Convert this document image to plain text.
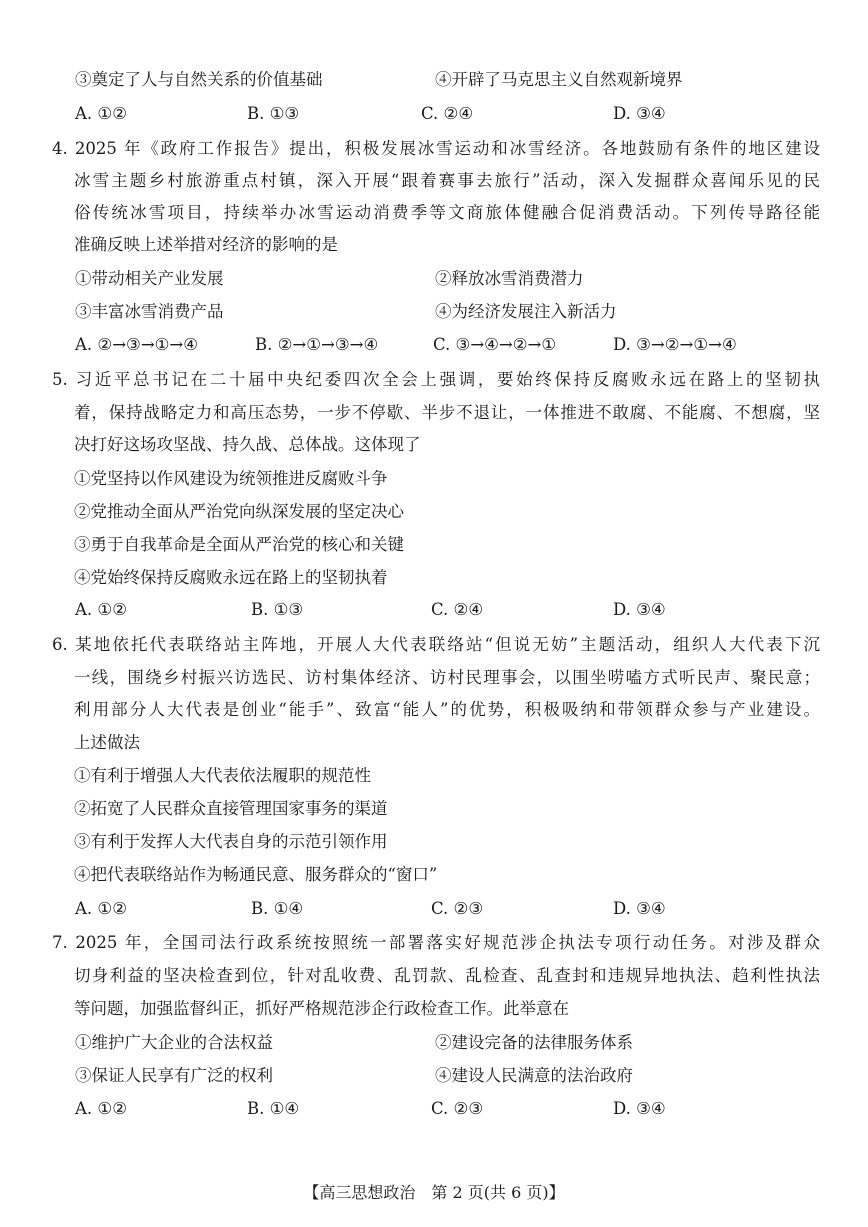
③奠定了人与自然关系的价值基础	④开辟了马克思主义自然观新境界
A. ①②	B. ①③	C. ②④	D. ③④
4. 2025 年《政府工作报告》提出，积极发展冰雪运动和冰雪经济。各地鼓励有条件的地区建设
冰雪主题乡村旅游重点村镇，深入开展“跟着赛事去旅行”活动，深入发掘群众喜闻乐见的民
俗传统冰雪项目，持续举办冰雪运动消费季等文商旅体健融合促消费活动。下列传导路径能
准确反映上述举措对经济的影响的是
①带动相关产业发展	②释放冰雪消费潜力
③丰富冰雪消费产品	④为经济发展注入新活力
A. ②→③→①→④	B. ②→①→③→④	C. ③→④→②→①	D. ③→②→①→④
5. 习近平总书记在二十届中央纪委四次全会上强调，要始终保持反腐败永远在路上的坚韧执
着，保持战略定力和高压态势，一步不停歇、半步不退让，一体推进不敢腐、不能腐、不想腐，坚
决打好这场攻坚战、持久战、总体战。这体现了
①党坚持以作风建设为统领推进反腐败斗争
②党推动全面从严治党向纵深发展的坚定决心
③勇于自我革命是全面从严治党的核心和关键
④党始终保持反腐败永远在路上的坚韧执着
A. ①②	B. ①③	C. ②④	D. ③④
6. 某地依托代表联络站主阵地，开展人大代表联络站“但说无妨”主题活动，组织人大代表下沉
一线，围绕乡村振兴访选民、访村集体经济、访村民理事会，以围坐唠嗑方式听民声、聚民意；
利用部分人大代表是创业“能手”、致富“能人”的优势，积极吸纳和带领群众参与产业建设。
上述做法
①有利于增强人大代表依法履职的规范性
②拓宽了人民群众直接管理国家事务的渠道
③有利于发挥人大代表自身的示范引领作用
④把代表联络站作为畅通民意、服务群众的“窗口”
A. ①②	B. ①④	C. ②③	D. ③④
7. 2025 年，全国司法行政系统按照统一部署落实好规范涉企执法专项行动任务。对涉及群众
切身利益的坚决检查到位，针对乱收费、乱罚款、乱检查、乱查封和违规异地执法、趋利性执法
等问题，加强监督纠正，抓好严格规范涉企行政检查工作。此举意在
①维护广大企业的合法权益	②建设完备的法律服务体系
③保证人民享有广泛的权利	④建设人民满意的法治政府
A. ①②	B. ①④	C. ②③	D. ③④
【高三思想政治　第 2 页(共 6 页)】
